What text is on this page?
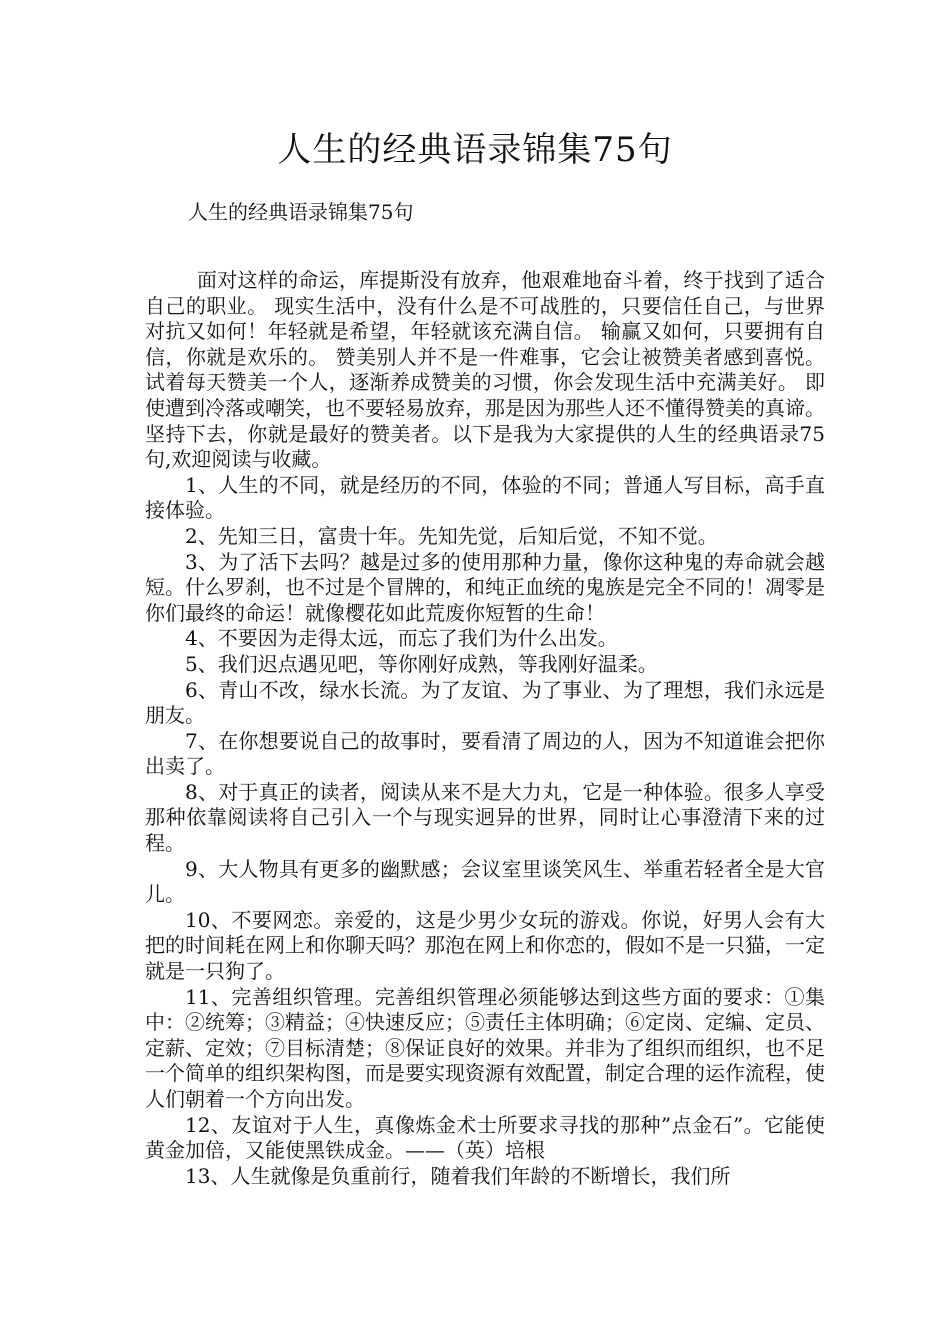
人生的经典语录锦集75句

人生的经典语录锦集75句

面对这样的命运，库提斯没有放弃，他艰难地奋斗着，终于找到了适合自己的职业。 现实生活中，没有什么是不可战胜的，只要信任自己，与世界对抗又如何！年轻就是希望，年轻就该充满自信。 输赢又如何，只要拥有自信，你就是欢乐的。 赞美别人并不是一件难事，它会让被赞美者感到喜悦。 试着每天赞美一个人，逐渐养成赞美的习惯，你会发现生活中充满美好。 即使遭到冷落或嘲笑，也不要轻易放弃，那是因为那些人还不懂得赞美的真谛。 坚持下去，你就是最好的赞美者。以下是我为大家提供的人生的经典语录75句,欢迎阅读与收藏。

1、人生的不同，就是经历的不同，体验的不同；普通人写目标，高手直接体验。

2、先知三日，富贵十年。先知先觉，后知后觉，不知不觉。

3、为了活下去吗？越是过多的使用那种力量，像你这种鬼的寿命就会越短。什么罗刹，也不过是个冒牌的，和纯正血统的鬼族是完全不同的！凋零是你们最终的命运！就像樱花如此荒废你短暂的生命！

4、不要因为走得太远，而忘了我们为什么出发。

5、我们迟点遇见吧，等你刚好成熟，等我刚好温柔。

6、青山不改，绿水长流。为了友谊、为了事业、为了理想，我们永远是朋友。

7、在你想要说自己的故事时，要看清了周边的人，因为不知道谁会把你出卖了。

8、对于真正的读者，阅读从来不是大力丸，它是一种体验。很多人享受那种依靠阅读将自己引入一个与现实迥异的世界，同时让心事澄清下来的过程。

9、大人物具有更多的幽默感；会议室里谈笑风生、举重若轻者全是大官儿。

10、不要网恋。亲爱的，这是少男少女玩的游戏。你说，好男人会有大把的时间耗在网上和你聊天吗？那泡在网上和你恋的，假如不是一只猫，一定就是一只狗了。

11、完善组织管理。完善组织管理必须能够达到这些方面的要求：①集中：②统筹；③精益；④快速反应；⑤责任主体明确；⑥定岗、定编、定员、定薪、定效；⑦目标清楚；⑧保证良好的效果。并非为了组织而组织，也不足一个简单的组织架构图，而是要实现资源有效配置，制定合理的运作流程，使人们朝着一个方向出发。

12、友谊对于人生，真像炼金术士所要求寻找的那种”点金石”。它能使黄金加倍，又能使黑铁成金。——（英）培根

13、人生就像是负重前行，随着我们年龄的不断增长，我们所
